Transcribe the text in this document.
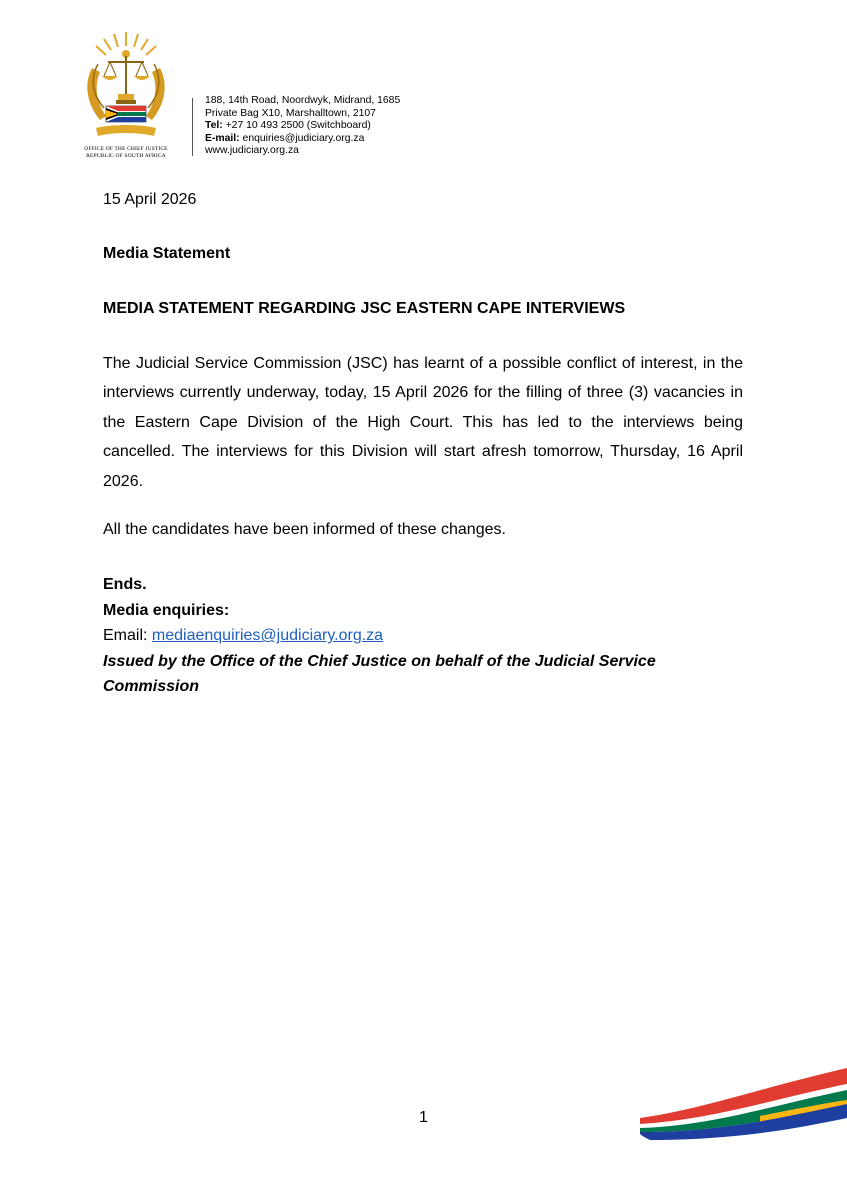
OFFICE OF THE CHIEF JUSTICE
REPUBLIC OF SOUTH AFRICA
188, 14th Road, Noordwyk, Midrand, 1685
Private Bag X10, Marshalltown, 2107
Tel: +27 10 493 2500 (Switchboard)
E-mail: enquiries@judiciary.org.za
www.judiciary.org.za

15 April 2026

Media Statement

MEDIA STATEMENT REGARDING JSC EASTERN CAPE INTERVIEWS

The Judicial Service Commission (JSC) has learnt of a possible conflict of interest, in the interviews currently underway, today, 15 April 2026 for the filling of three (3) vacancies in the Eastern Cape Division of the High Court. This has led to the interviews being cancelled. The interviews for this Division will start afresh tomorrow, Thursday, 16 April 2026.

All the candidates have been informed of these changes.

Ends.

Media enquiries:

Email: mediaenquiries@judiciary.org.za

Issued by the Office of the Chief Justice on behalf of the Judicial Service Commission

1
